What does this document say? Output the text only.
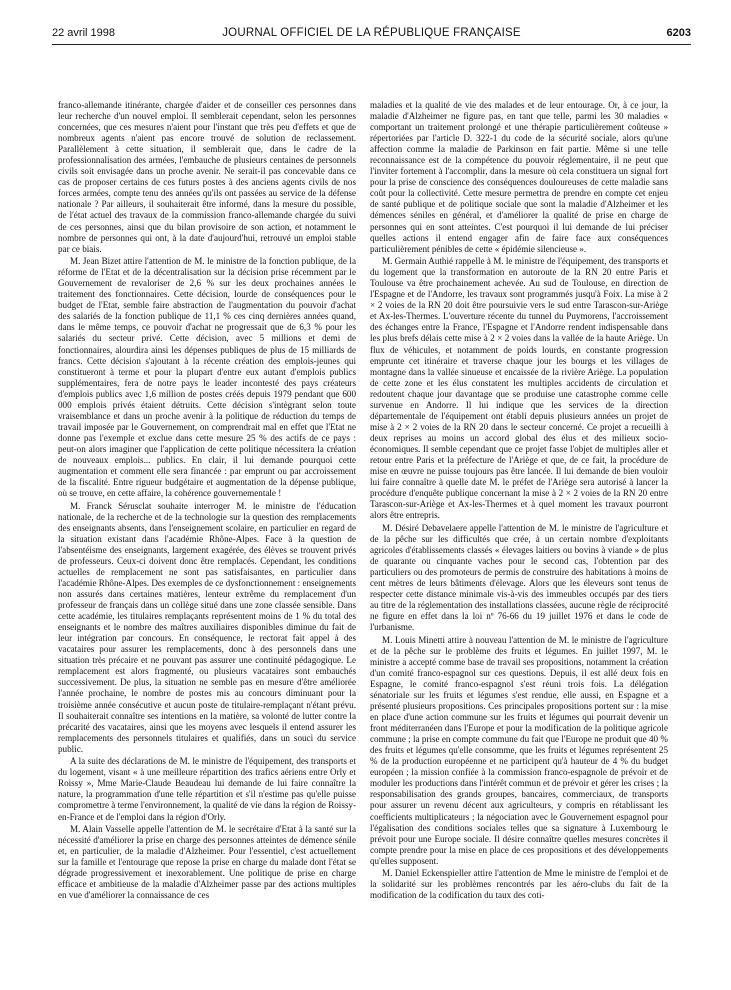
22 avril 1998	JOURNAL OFFICIEL DE LA RÉPUBLIQUE FRANÇAISE	6203

franco-allemande itinérante, chargée d'aider et de conseiller ces personnes dans leur recherche d'un nouvel emploi. Il semblerait cependant, selon les personnes concernées, que ces mesures n'aient pour l'instant que très peu d'effets et que de nombreux agents n'aient pas encore trouvé de solution de reclassement. Parallèlement à cette situation, il semblerait que, dans le cadre de la professionnalisation des armées, l'embauche de plusieurs centaines de personnels civils soit envisagée dans un proche avenir. Ne serait-il pas concevable dans ce cas de proposer certains de ces futurs postes à des anciens agents civils de nos forces armées, compte tenu des années qu'ils ont passées au service de la défense nationale ? Par ailleurs, il souhaiterait être informé, dans la mesure du possible, de l'état actuel des travaux de la commission franco-allemande chargée du suivi de ces personnes, ainsi que du bilan provisoire de son action, et notamment le nombre de personnes qui ont, à la date d'aujourd'hui, retrouvé un emploi stable par ce biais.

M. Jean Bizet attire l'attention de M. le ministre de la fonction publique, de la réforme de l'Etat et de la décentralisation sur la décision prise récemment par le Gouvernement de revaloriser de 2,6 % sur les deux prochaines années le traitement des fonctionnaires. Cette décision, lourde de conséquences pour le budget de l'Etat, semble faire abstraction de l'augmentation du pouvoir d'achat des salariés de la fonction publique de 11,1 % ces cinq dernières années quand, dans le même temps, ce pouvoir d'achat ne progressait que de 6,3 % pour les salariés du secteur privé. Cette décision, avec 5 millions et demi de fonctionnaires, alourdira ainsi les dépenses publiques de plus de 15 milliards de francs. Cette décision s'ajoutant à la récente création des emplois-jeunes qui constitueront à terme et pour la plupart d'entre eux autant d'emplois publics supplémentaires, fera de notre pays le leader incontesté des pays créateurs d'emplois publics avec 1,6 million de postes créés depuis 1979 pendant que 600 000 emplois privés étaient détruits. Cette décision s'intègrant selon toute vraisemblance et dans un proche avenir à la politique de réduction du temps de travail imposée par le Gouvernement, on comprendrait mal en effet que l'Etat ne donne pas l'exemple et exclue dans cette mesure 25 % des actifs de ce pays : peut-on alors imaginer que l'application de cette politique nécessitera la création de nouveaux emplois... publics. En clair, il lui demande pourquoi cette augmentation et comment elle sera financée : par emprunt ou par accroissement de la fiscalité. Entre rigueur budgétaire et augmentation de la dépense publique, où se trouve, en cette affaire, la cohérence gouvernementale !

M. Franck Sérusclat souhaite interroger M. le ministre de l'éducation nationale, de la recherche et de la technologie sur la question des remplacements des enseignants absents, dans l'enseignement scolaire, en particulier en regard de la situation existant dans l'académie Rhône-Alpes. Face à la question de l'absentéisme des enseignants, largement exagérée, des élèves se trouvent privés de professeurs. Ceux-ci doivent donc être remplacés. Cependant, les conditions actuelles de remplacement ne sont pas satisfaisantes, en particulier dans l'académie Rhône-Alpes. Des exemples de ce dysfonctionnement : enseignements non assurés dans certaines matières, lenteur extrême du remplacement d'un professeur de français dans un collège situé dans une zone classée sensible. Dans cette académie, les titulaires remplaçants représentent moins de 1 % du total des enseignants et le nombre des maîtres auxiliaires disponibles diminue du fait de leur intégration par concours. En conséquence, le rectorat fait appel à des vacataires pour assurer les remplacements, donc à des personnels dans une situation très précaire et ne pouvant pas assurer une continuité pédagogique. Le remplacement est alors fragmenté, ou plusieurs vacataires sont embauchés successivement. De plus, la situation ne semble pas en mesure d'être améliorée l'année prochaine, le nombre de postes mis au concours diminuant pour la troisième année consécutive et aucun poste de titulaire-remplaçant n'étant prévu. Il souhaiterait connaître ses intentions en la matière, sa volonté de lutter contre la précarité des vacataires, ainsi que les moyens avec lesquels il entend assurer les remplacements des personnels titulaires et qualifiés, dans un souci du service public.

A la suite des déclarations de M. le ministre de l'équipement, des transports et du logement, visant « à une meilleure répartition des trafics aériens entre Orly et Roissy », Mme Marie-Claude Beaudeau lui demande de lui faire connaître la nature, la programmation d'une telle répartition et s'il n'estime pas qu'elle puisse compromettre à terme l'environnement, la qualité de vie dans la région de Roissy-en-France et de l'emploi dans la région d'Orly.

M. Alain Vasselle appelle l'attention de M. le secrétaire d'Etat à la santé sur la nécessité d'améliorer la prise en charge des personnes atteintes de démence sénile et, en particulier, de la maladie d'Alzheimer. Pour l'essentiel, c'est actuellement sur la famille et l'entourage que repose la prise en charge du malade dont l'état se dégrade progressivement et inexorablement. Une politique de prise en charge efficace et ambitieuse de la maladie d'Alzheimer passe par des actions multiples en vue d'améliorer la connaissance de ces

maladies et la qualité de vie des malades et de leur entourage. Or, à ce jour, la maladie d'Alzheimer ne figure pas, en tant que telle, parmi les 30 maladies « comportant un traitement prolongé et une thérapie particulièrement coûteuse » répertoriées par l'article D. 322-1 du code de la sécurité sociale, alors qu'une affection comme la maladie de Parkinson en fait partie. Même si une telle reconnaissance est de la compétence du pouvoir réglementaire, il ne peut que l'inviter fortement à l'accomplir, dans la mesure où cela constituera un signal fort pour la prise de conscience des conséquences douloureuses de cette maladie sans coût pour la collectivité. Cette mesure permettra de prendre en compte cet enjeu de santé publique et de politique sociale que sont la maladie d'Alzheimer et les démences séniles en général, et d'améliorer la qualité de prise en charge de personnes qui en sont atteintes. C'est pourquoi il lui demande de lui préciser quelles actions il entend engager afin de faire face aux conséquences particulièrement pénibles de cette « épidémie silencieuse ».

M. Germain Authié rappelle à M. le ministre de l'équipement, des transports et du logement que la transformation en autoroute de la RN 20 entre Paris et Toulouse va être prochainement achevée. Au sud de Toulouse, en direction de l'Espagne et de l'Andorre, les travaux sont programmés jusqu'à Foix. La mise à 2 × 2 voies de la RN 20 doit être poursuivie vers le sud entre Tarascon-sur-Ariège et Ax-les-Thermes. L'ouverture récente du tunnel du Puymorens, l'accroissement des échanges entre la France, l'Espagne et l'Andorre rendent indispensable dans les plus brefs délais cette mise à 2 × 2 voies dans la vallée de la haute Ariège. Un flux de véhicules, et notamment de poids lourds, en constante progression emprunte cet itinéraire et traverse chaque jour les bourgs et les villages de montagne dans la vallée sinueuse et encaissée de la rivière Ariège. La population de cette zone et les élus constatent les multiples accidents de circulation et redoutent chaque jour davantage que se produise une catastrophe comme celle survenue en Andorre. Il lui indique que les services de la direction départementale de l'équipement ont établi depuis plusieurs années un projet de mise à 2 × 2 voies de la RN 20 dans le secteur concerné. Ce projet a recueilli à deux reprises au moins un accord global des élus et des milieux socio-économiques. Il semble cependant que ce projet fasse l'objet de multiples aller et retour entre Paris et la préfecture de l'Ariège et que, de ce fait, la procédure de mise en œuvre ne puisse toujours pas être lancée. Il lui demande de bien vouloir lui faire connaître à quelle date M. le préfet de l'Ariège sera autorisé à lancer la procédure d'enquête publique concernant la mise à 2 × 2 voies de la RN 20 entre Tarascon-sur-Ariège et Ax-les-Thermes et à quel moment les travaux pourront alors être entrepris.

M. Désiré Debavelaere appelle l'attention de M. le ministre de l'agriculture et de la pêche sur les difficultés que crée, à un certain nombre d'exploitants agricoles d'établissements classés « élevages laitiers ou bovins à viande » de plus de quarante ou cinquante vaches pour le second cas, l'obtention par des particuliers ou des promoteurs de permis de construire des habitations à moins de cent mètres de leurs bâtiments d'élevage. Alors que les éleveurs sont tenus de respecter cette distance minimale vis-à-vis des immeubles occupés par des tiers au titre de la réglementation des installations classées, aucune règle de réciprocité ne figure en effet dans la loi nº 76-66 du 19 juillet 1976 et dans le code de l'urbanisme.

M. Louis Minetti attire à nouveau l'attention de M. le ministre de l'agriculture et de la pêche sur le problème des fruits et légumes. En juillet 1997, M. le ministre a accepté comme base de travail ses propositions, notamment la création d'un comité franco-espagnol sur ces questions. Depuis, il est allé deux fois en Espagne, le comité franco-espagnol s'est réuni trois fois. La délégation sénatoriale sur les fruits et légumes s'est rendue, elle aussi, en Espagne et a présenté plusieurs propositions. Ces principales propositions portent sur : la mise en place d'une action commune sur les fruits et légumes qui pourrait devenir un front méditerranéen dans l'Europe et pour la modification de la politique agricole commune ; la prise en compte commune du fait que l'Europe ne produit que 40 % des fruits et légumes qu'elle consomme, que les fruits et légumes représentent 25 % de la production européenne et ne participent qu'à hauteur de 4 % du budget européen ; la mission confiée à la commission franco-espagnole de prévoir et de moduler les productions dans l'intérêt commun et de prévoir et gérer les crises ; la responsabilisation des grands groupes, bancaires, commerciaux, de transports pour assurer un revenu décent aux agriculteurs, y compris en rétablissant les coefficients multiplicateurs ; la négociation avec le Gouvernement espagnol pour l'égalisation des conditions sociales telles que sa signature à Luxembourg le prévoit pour une Europe sociale. Il désire connaître quelles mesures concrètes il compte prendre pour la mise en place de ces propositions et des développements qu'elles supposent.

M. Daniel Eckenspieller attire l'attention de Mme le ministre de l'emploi et de la solidarité sur les problèmes rencontrés par les aéro-clubs du fait de la modification de la codification du taux des coti-
